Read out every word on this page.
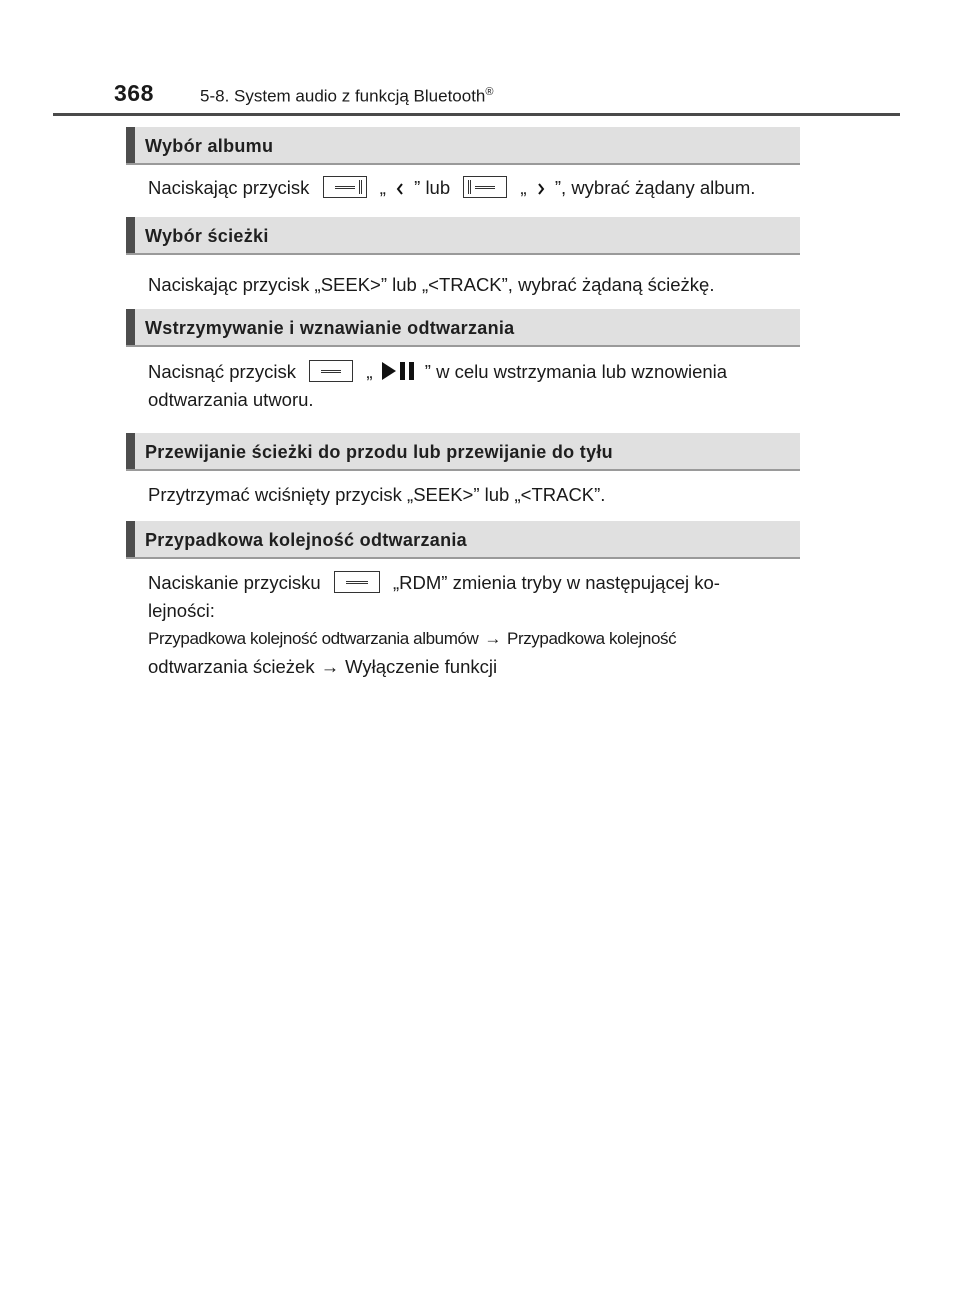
368	5-8. System audio z funkcją Bluetooth®
Wybór albumu
Naciskając przycisk	„ ” lub	„ ”, wybrać żądany album.
Wybór ścieżki
Naciskając przycisk „SEEK>” lub „<TRACK”, wybrać żądaną ścieżkę.
Wstrzymywanie i wznawianie odtwarzania
Nacisnąć przycisk	„	” w celu wstrzymania lub wznowienia
odtwarzania utworu.
Przewijanie ścieżki do przodu lub przewijanie do tyłu
Przytrzymać wciśnięty przycisk „SEEK>” lub „<TRACK”.
Przypadkowa kolejność odtwarzania
Naciskanie przycisku	„RDM” zmienia tryby w następującej ko-
lejności:
Przypadkowa kolejność odtwarzania albumów → Przypadkowa kolejność
odtwarzania ścieżek → Wyłączenie funkcji
